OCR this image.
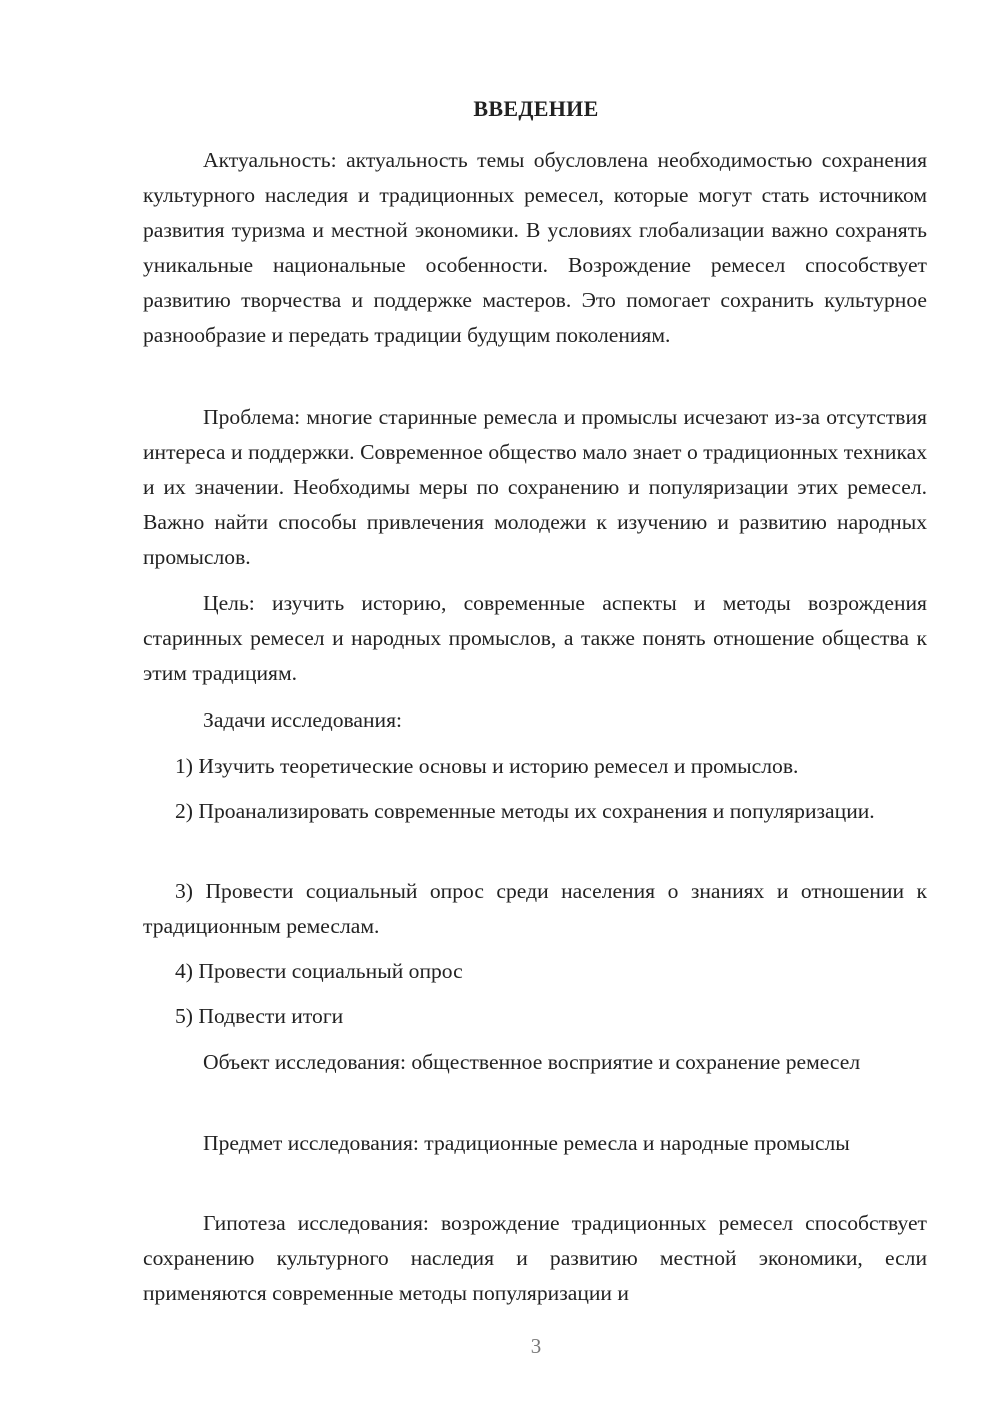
ВВЕДЕНИЕ

Актуальность: актуальность темы обусловлена необходимостью сохранения культурного наследия и традиционных ремесел, которые могут стать источником развития туризма и местной экономики. В условиях глобализации важно сохранять уникальные национальные особенности. Возрождение ремесел способствует развитию творчества и поддержке мастеров. Это помогает сохранить культурное разнообразие и передать традиции будущим поколениям.

Проблема: многие старинные ремесла и промыслы исчезают из-за отсутствия интереса и поддержки. Современное общество мало знает о традиционных техниках и их значении. Необходимы меры по сохранению и популяризации этих ремесел. Важно найти способы привлечения молодежи к изучению и развитию народных промыслов.

Цель: изучить историю, современные аспекты и методы возрождения старинных ремесел и народных промыслов, а также понять отношение общества к этим традициям.

Задачи исследования:

1) Изучить теоретические основы и историю ремесел и промыслов.

2) Проанализировать современные методы их сохранения и популяризации.

3) Провести социальный опрос среди населения о знаниях и отношении к традиционным ремеслам.

4) Провести социальный опрос

5) Подвести итоги

Объект исследования: общественное восприятие и сохранение ремесел

Предмет исследования: традиционные ремесла и народные промыслы

Гипотеза исследования: возрождение традиционных ремесел способствует сохранению культурного наследия и развитию местной экономики, если применяются современные методы популяризации и

3
